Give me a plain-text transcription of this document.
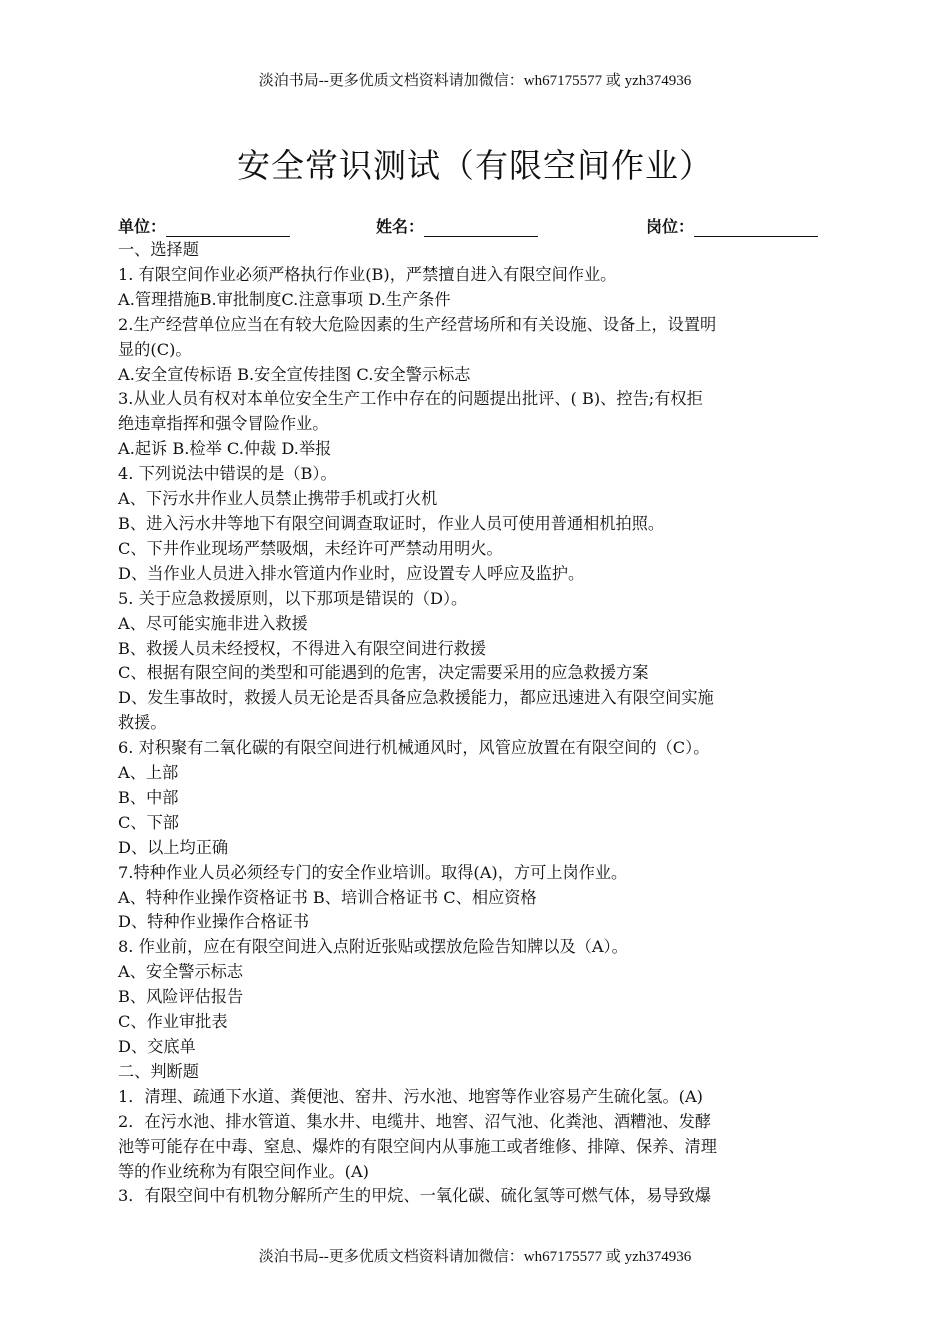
淡泊书局--更多优质文档资料请加微信：wh67175577 或 yzh374936
安全常识测试（有限空间作业）
单位：	姓名：	岗位：
一、选择题
1. 有限空间作业必须严格执行作业(B)，严禁擅自进入有限空间作业。
A.管理措施B.审批制度C.注意事项 D.生产条件
2.生产经营单位应当在有较大危险因素的生产经营场所和有关设施、设备上，设置明
显的(C)。
A.安全宣传标语 B.安全宣传挂图 C.安全警示标志
3.从业人员有权对本单位安全生产工作中存在的问题提出批评、( B)、控告;有权拒
绝违章指挥和强令冒险作业。
A.起诉 B.检举 C.仲裁 D.举报
4. 下列说法中错误的是（B）。
A、下污水井作业人员禁止携带手机或打火机
B、进入污水井等地下有限空间调查取证时，作业人员可使用普通相机拍照。
C、下井作业现场严禁吸烟，未经许可严禁动用明火。
D、当作业人员进入排水管道内作业时，应设置专人呼应及监护。
5. 关于应急救援原则，以下那项是错误的（D）。
A、尽可能实施非进入救援
B、救援人员未经授权，不得进入有限空间进行救援
C、根据有限空间的类型和可能遇到的危害，决定需要采用的应急救援方案
D、发生事故时，救援人员无论是否具备应急救援能力，都应迅速进入有限空间实施
救援。
6. 对积聚有二氧化碳的有限空间进行机械通风时，风管应放置在有限空间的（C）。
A、上部
B、中部
C、下部
D、以上均正确
7.特种作业人员必须经专门的安全作业培训。取得(A)，方可上岗作业。
A、特种作业操作资格证书 B、培训合格证书 C、相应资格
D、特种作业操作合格证书
8. 作业前，应在有限空间进入点附近张贴或摆放危险告知牌以及（A）。
A、安全警示标志
B、风险评估报告
C、作业审批表
D、交底单
二、判断题
1．清理、疏通下水道、粪便池、窑井、污水池、地窖等作业容易产生硫化氢。(A)
2．在污水池、排水管道、集水井、电缆井、地窖、沼气池、化粪池、酒糟池、发酵
池等可能存在中毒、窒息、爆炸的有限空间内从事施工或者维修、排障、保养、清理
等的作业统称为有限空间作业。(A)
3．有限空间中有机物分解所产生的甲烷、一氧化碳、硫化氢等可燃气体，易导致爆
淡泊书局--更多优质文档资料请加微信：wh67175577 或 yzh374936
